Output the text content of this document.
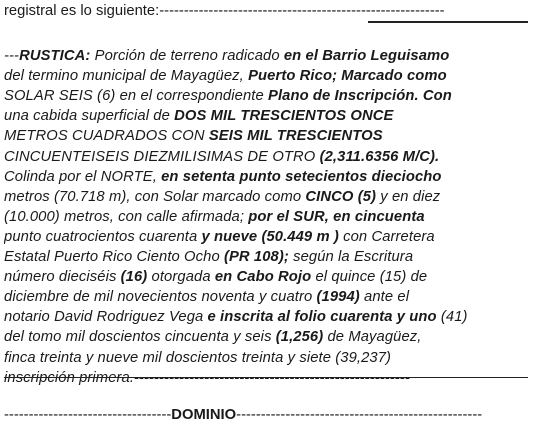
registral es lo siguiente:----------------------------------------------------------
---RUSTICA: Porción de terreno radicado en el Barrio Leguisamo
del termino municipal de Mayagüez, Puerto Rico; Marcado como
SOLAR SEIS (6) en el correspondiente Plano de Inscripción. Con
una cabida superficial de DOS MIL TRESCIENTOS ONCE
METROS CUADRADOS CON SEIS MIL TRESCIENTOS
CINCUENTEISEIS DIEZMILISIMAS DE OTRO (2,311.6356 M/C).
Colinda por el NORTE, en setenta punto setecientos dieciocho
metros (70.718 m), con Solar marcado como CINCO (5) y en diez
(10.000) metros, con calle afirmada; por el SUR, en cincuenta
punto cuatrocientos cuarenta y nueve (50.449 m ) con Carretera
Estatal Puerto Rico Ciento Ocho (PR 108); según la Escritura
número dieciséis (16) otorgada en Cabo Rojo el quince (15) de
diciembre de mil novecientos noventa y cuatro (1994) ante el
notario David Rodriguez Vega e inscrita al folio cuarenta y uno (41)
del tomo mil doscientos cincuenta y seis (1,256) de Mayagüez,
finca treinta y nueve mil doscientos treinta y siete (39,237)
inscripción primera.-------------------------------------------------------
----------------------------------DOMINIO--------------------------------------------------
